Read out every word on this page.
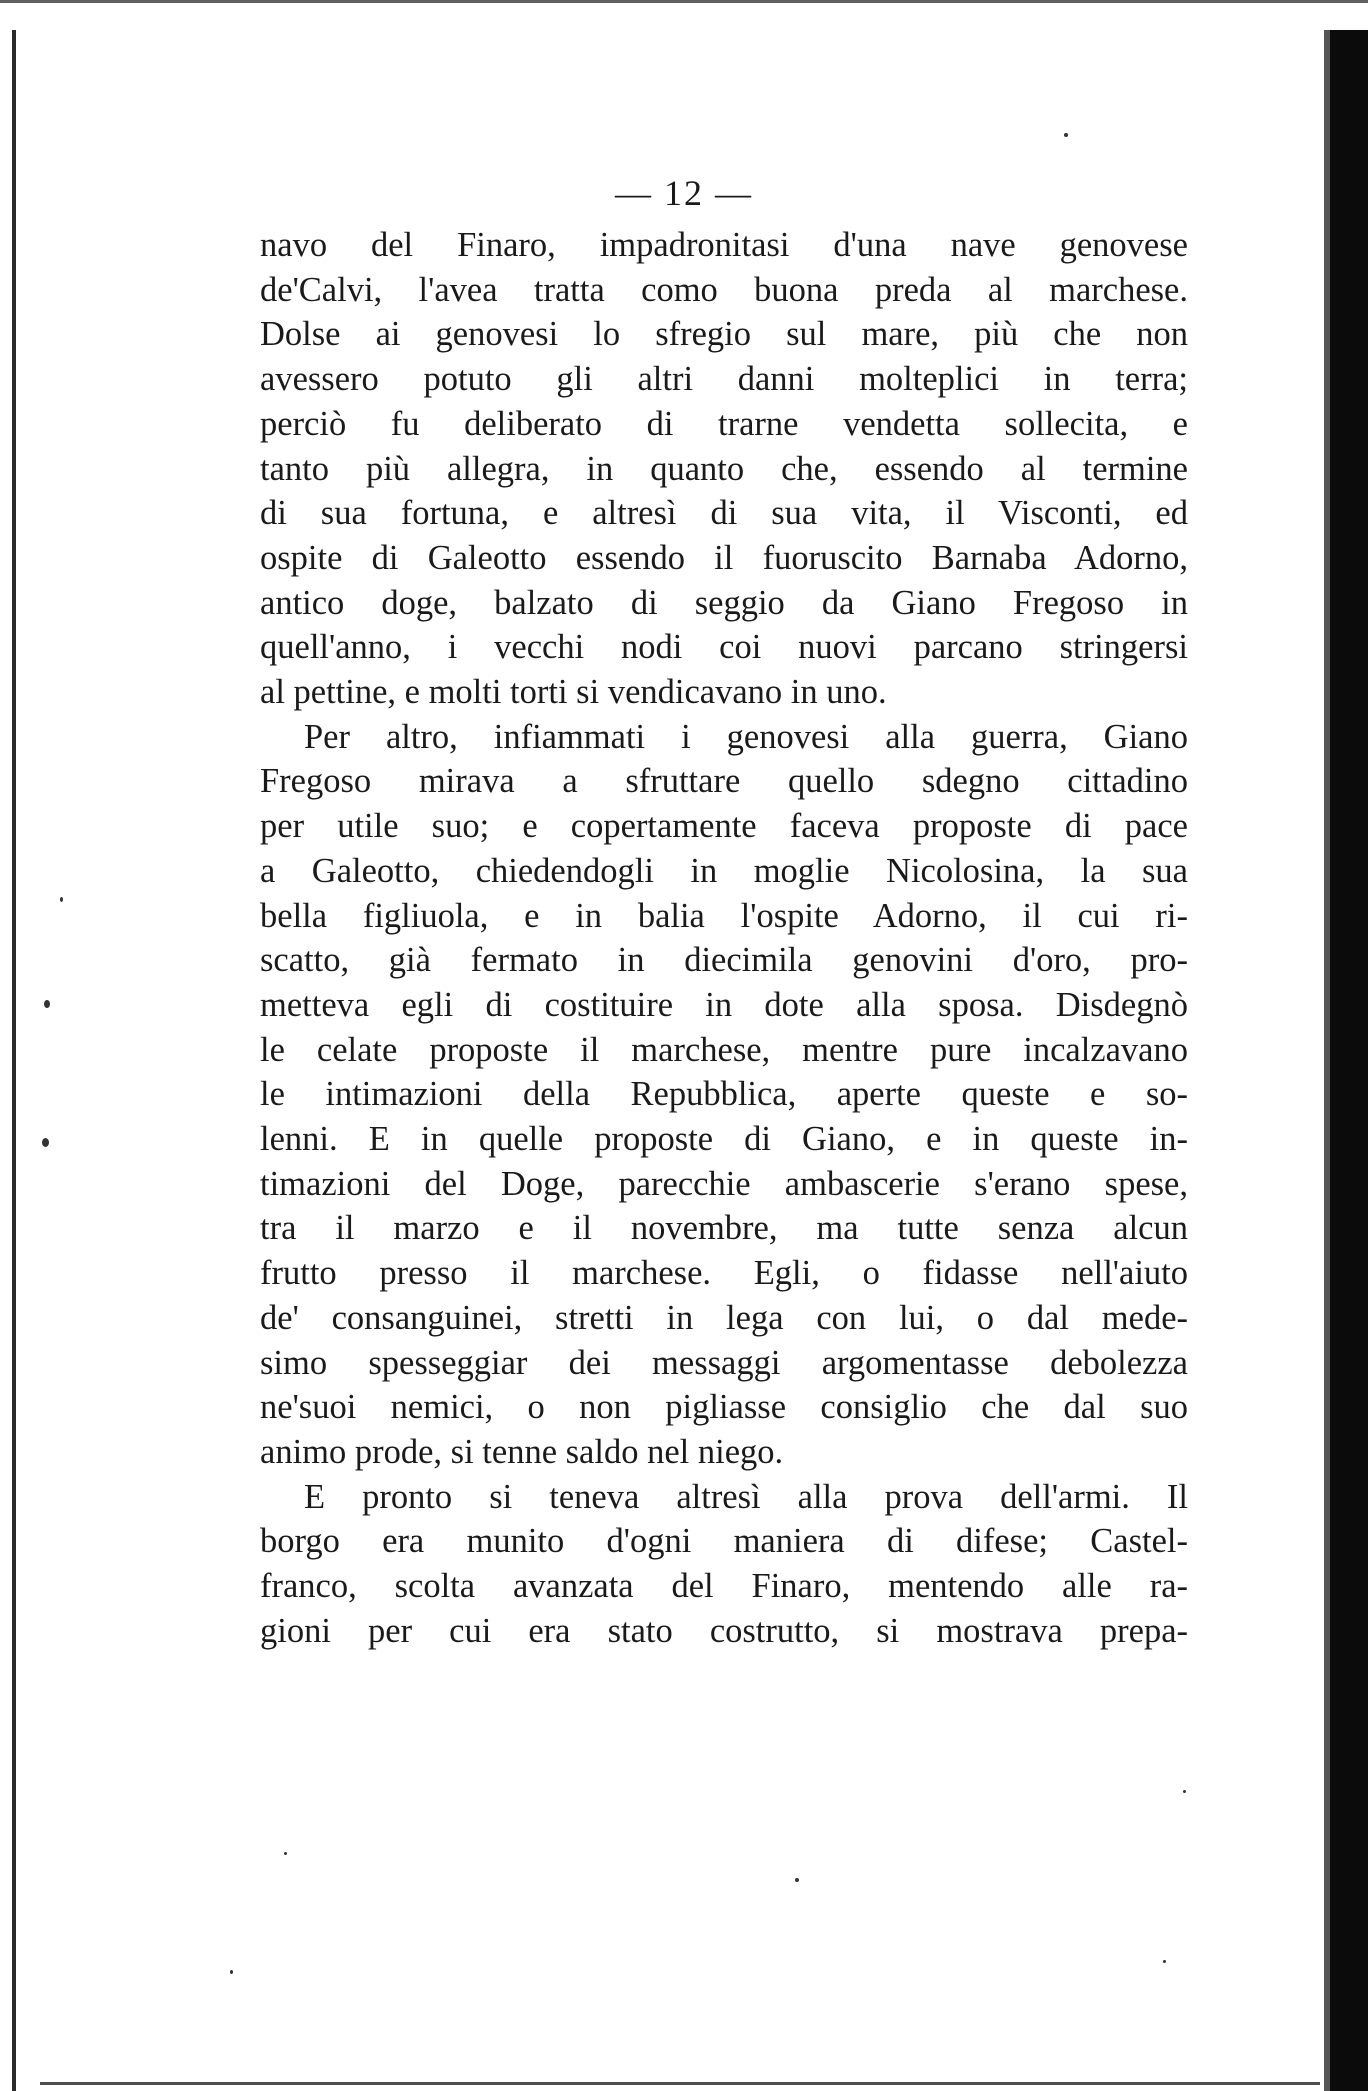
— 12 —
navo del Finaro, impadronitasi d'una nave genovese
de'Calvi, l'avea tratta como buona preda al marchese.
Dolse ai genovesi lo sfregio sul mare, più che non
avessero potuto gli altri danni molteplici in terra;
perciò fu deliberato di trarne vendetta sollecita, e
tanto più allegra, in quanto che, essendo al termine
di sua fortuna, e altresì di sua vita, il Visconti, ed
ospite di Galeotto essendo il fuoruscito Barnaba Adorno,
antico doge, balzato di seggio da Giano Fregoso in
quell'anno, i vecchi nodi coi nuovi parcano stringersi
al pettine, e molti torti si vendicavano in uno.
Per altro, infiammati i genovesi alla guerra, Giano
Fregoso mirava a sfruttare quello sdegno cittadino
per utile suo; e copertamente faceva proposte di pace
a Galeotto, chiedendogli in moglie Nicolosina, la sua
bella figliuola, e in balia l'ospite Adorno, il cui ri-
scatto, già fermato in diecimila genovini d'oro, pro-
metteva egli di costituire in dote alla sposa. Disdegnò
le celate proposte il marchese, mentre pure incalzavano
le intimazioni della Repubblica, aperte queste e so-
lenni. E in quelle proposte di Giano, e in queste in-
timazioni del Doge, parecchie ambascerie s'erano spese,
tra il marzo e il novembre, ma tutte senza alcun
frutto presso il marchese. Egli, o fidasse nell'aiuto
de' consanguinei, stretti in lega con lui, o dal mede-
simo spesseggiar dei messaggi argomentasse debolezza
ne'suoi nemici, o non pigliasse consiglio che dal suo
animo prode, si tenne saldo nel niego.
E pronto si teneva altresì alla prova dell'armi. Il
borgo era munito d'ogni maniera di difese; Castel-
franco, scolta avanzata del Finaro, mentendo alle ra-
gioni per cui era stato costrutto, si mostrava prepa-
